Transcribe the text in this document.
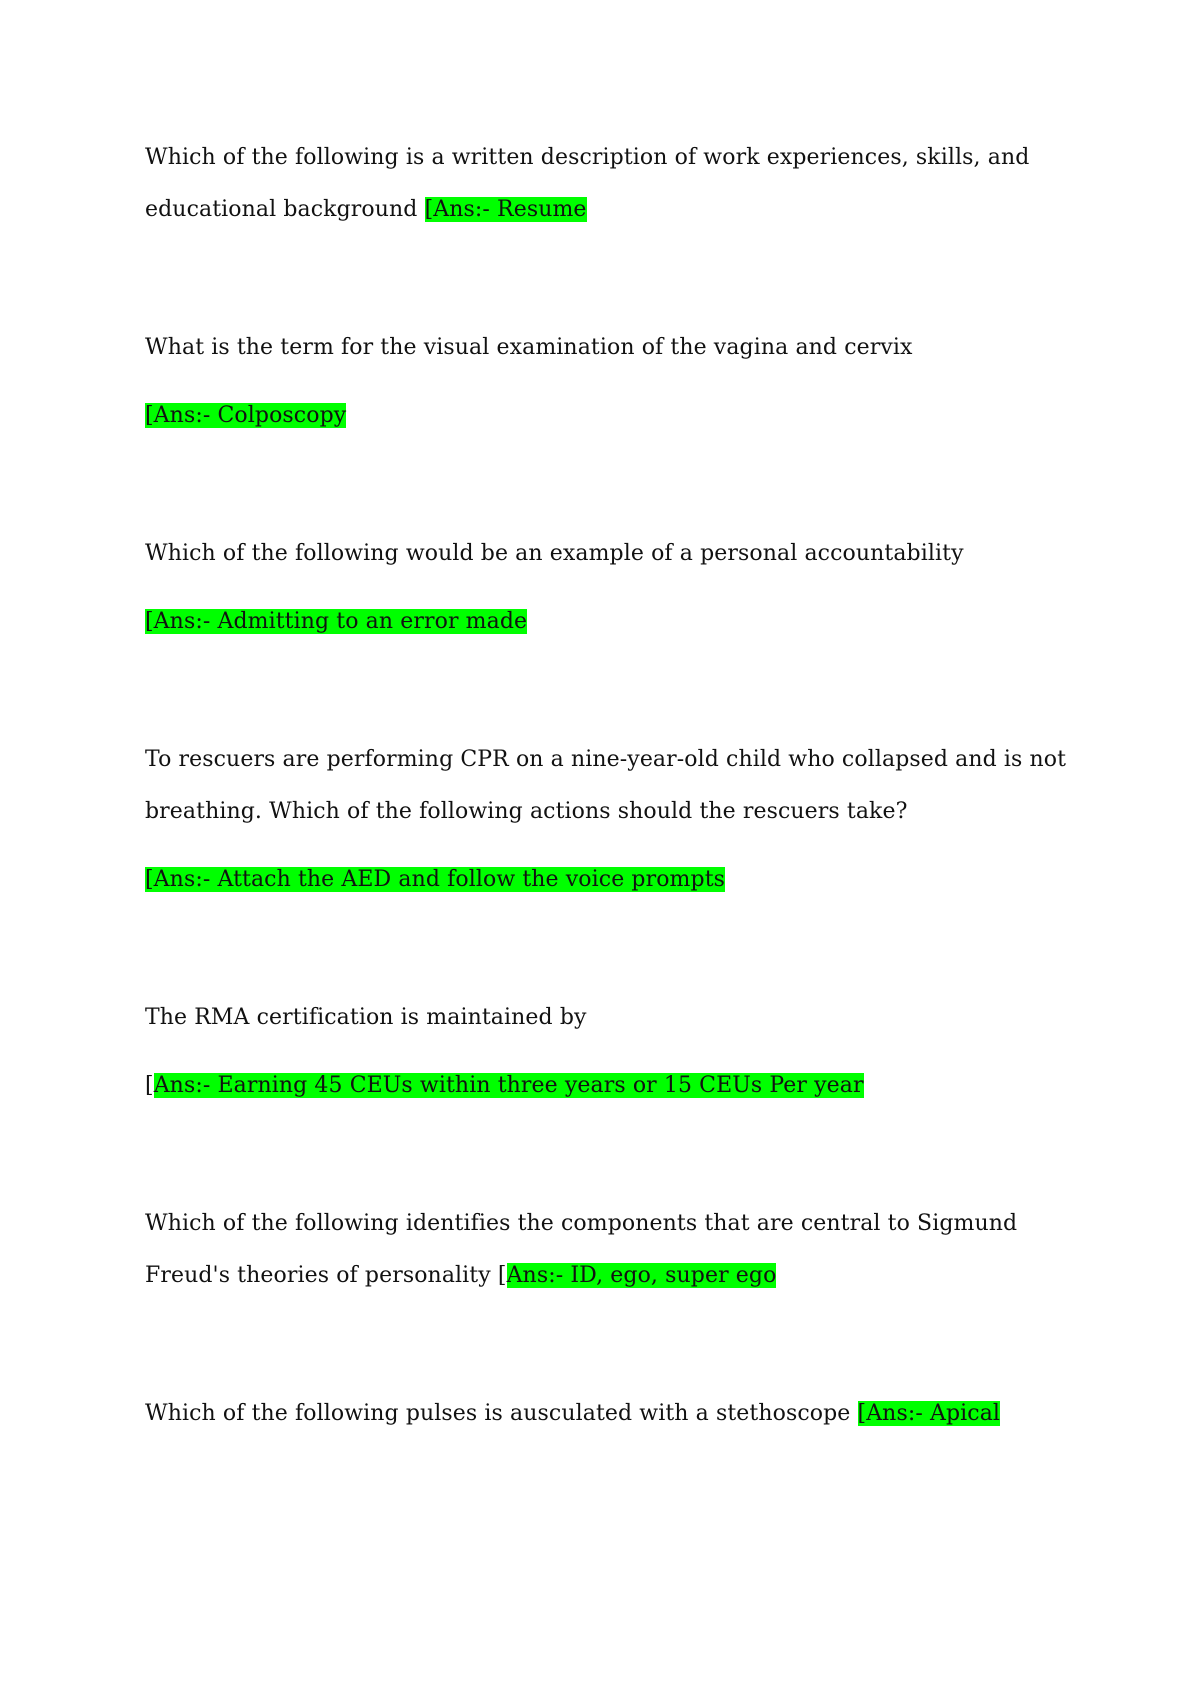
Which of the following is a written description of work experiences, skills, and
educational background [Ans:- Resume
What is the term for the visual examination of the vagina and cervix
[Ans:- Colposcopy
Which of the following would be an example of a personal accountability
[Ans:- Admitting to an error made
To rescuers are performing CPR on a nine-year-old child who collapsed and is not
breathing. Which of the following actions should the rescuers take?
[Ans:- Attach the AED and follow the voice prompts
The RMA certification is maintained by
[Ans:- Earning 45 CEUs within three years or 15 CEUs Per year
Which of the following identifies the components that are central to Sigmund
Freud's theories of personality [Ans:- ID, ego, super ego
Which of the following pulses is ausculated with a stethoscope [Ans:- Apical
